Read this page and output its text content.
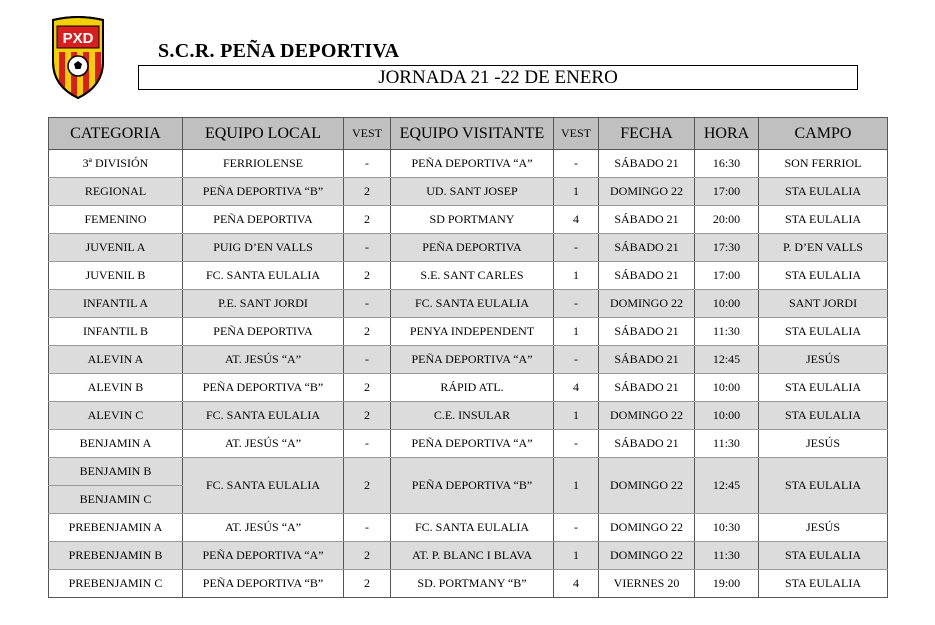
PXD
S.C.R. PEÑA DEPORTIVA
JORNADA 21 -22 DE ENERO
CATEGORIA	EQUIPO LOCAL	VEST	EQUIPO VISITANTE	VEST	FECHA	HORA	CAMPO
3ª DIVISIÓN	FERRIOLENSE	-	PEÑA DEPORTIVA “A”	-	SÁBADO 21	16:30	SON FERRIOL
REGIONAL	PEÑA DEPORTIVA “B”	2	UD. SANT JOSEP	1	DOMINGO 22	17:00	STA EULALIA
FEMENINO	PEÑA DEPORTIVA	2	SD PORTMANY	4	SÁBADO 21	20:00	STA EULALIA
JUVENIL A	PUIG D’EN VALLS	-	PEÑA DEPORTIVA	-	SÁBADO 21	17:30	P. D’EN VALLS
JUVENIL B	FC. SANTA EULALIA	2	S.E. SANT CARLES	1	SÁBADO 21	17:00	STA EULALIA
INFANTIL A	P.E. SANT JORDI	-	FC. SANTA EULALIA	-	DOMINGO 22	10:00	SANT JORDI
INFANTIL B	PEÑA DEPORTIVA	2	PENYA INDEPENDENT	1	SÁBADO 21	11:30	STA EULALIA
ALEVIN A	AT. JESÚS “A”	-	PEÑA DEPORTIVA “A”	-	SÁBADO 21	12:45	JESÚS
ALEVIN B	PEÑA DEPORTIVA “B”	2	RÁPID ATL.	4	SÁBADO 21	10:00	STA EULALIA
ALEVIN C	FC. SANTA EULALIA	2	C.E. INSULAR	1	DOMINGO 22	10:00	STA EULALIA
BENJAMIN A	AT. JESÚS “A”	-	PEÑA DEPORTIVA “A”	-	SÁBADO 21	11:30	JESÚS
BENJAMIN B	FC. SANTA EULALIA	2	PEÑA DEPORTIVA “B”	1	DOMINGO 22	12:45	STA EULALIA
BENJAMIN C							
PREBENJAMIN A	AT. JESÚS “A”	-	FC. SANTA EULALIA	-	DOMINGO 22	10:30	JESÚS
PREBENJAMIN B	PEÑA DEPORTIVA “A”	2	AT. P. BLANC I BLAVA	1	DOMINGO 22	11:30	STA EULALIA
PREBENJAMIN C	PEÑA DEPORTIVA “B”	2	SD. PORTMANY “B”	4	VIERNES 20	19:00	STA EULALIA
